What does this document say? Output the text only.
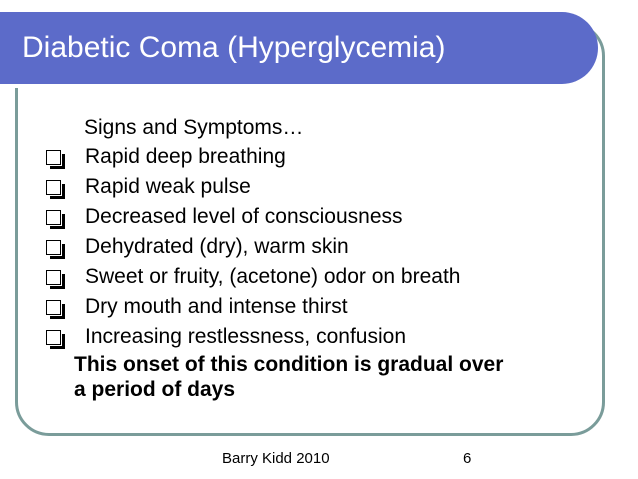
Diabetic Coma (Hyperglycemia)
Signs and Symptoms…
Rapid deep breathing
Rapid weak pulse
Decreased level of consciousness
Dehydrated (dry), warm skin
Sweet or fruity, (acetone) odor on breath
Dry mouth and intense thirst
Increasing restlessness, confusion
This onset of this condition is gradual over
a period of days
Barry Kidd 2010	6
